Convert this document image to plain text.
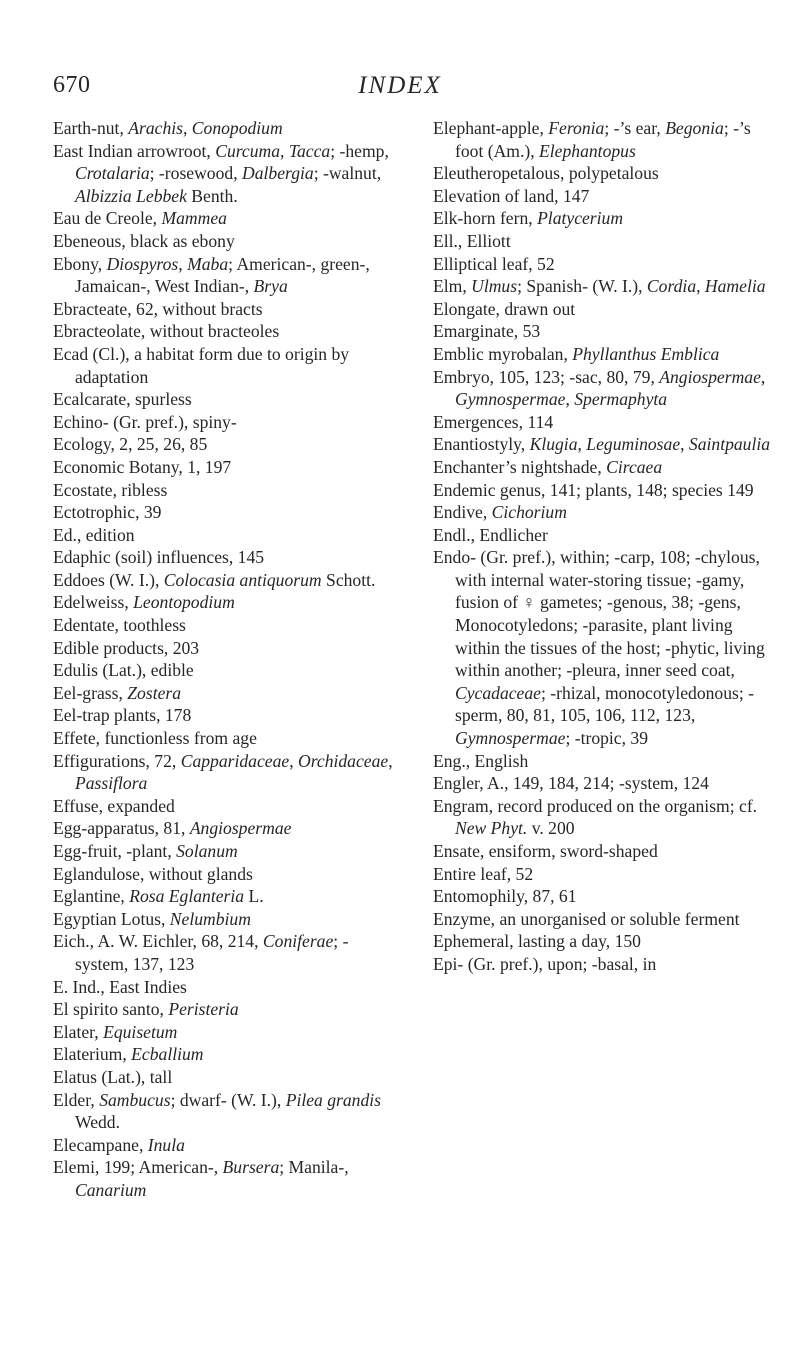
670	INDEX
Earth-nut, Arachis, Conopodium
East Indian arrowroot, Curcuma, Tacca; -hemp, Crotalaria; -rosewood, Dalbergia; -walnut, Albizzia Lebbek Benth.
Eau de Creole, Mammea
Ebeneous, black as ebony
Ebony, Diospyros, Maba; American-, green-, Jamaican-, West Indian-, Brya
Ebracteate, 62, without bracts
Ebracteolate, without bracteoles
Ecad (Cl.), a habitat form due to origin by adaptation
Ecalcarate, spurless
Echino- (Gr. pref.), spiny-
Ecology, 2, 25, 26, 85
Economic Botany, 1, 197
Ecostate, ribless
Ectotrophic, 39
Ed., edition
Edaphic (soil) influences, 145
Eddoes (W. I.), Colocasia antiquorum Schott.
Edelweiss, Leontopodium
Edentate, toothless
Edible products, 203
Edulis (Lat.), edible
Eel-grass, Zostera
Eel-trap plants, 178
Effete, functionless from age
Effigurations, 72, Capparidaceae, Orchidaceae, Passiflora
Effuse, expanded
Egg-apparatus, 81, Angiospermae
Egg-fruit, -plant, Solanum
Eglandulose, without glands
Eglantine, Rosa Eglanteria L.
Egyptian Lotus, Nelumbium
Eich., A. W. Eichler, 68, 214, Coniferae; -system, 137, 123
E. Ind., East Indies
El spirito santo, Peristeria
Elater, Equisetum
Elaterium, Ecballium
Elatus (Lat.), tall
Elder, Sambucus; dwarf- (W. I.), Pilea grandis Wedd.
Elecampane, Inula
Elemi, 199; American-, Bursera; Manila-, Canarium
Elephant-apple, Feronia; -’s ear, Begonia; -’s foot (Am.), Elephantopus
Eleutheropetalous, polypetalous
Elevation of land, 147
Elk-horn fern, Platycerium
Ell., Elliott
Elliptical leaf, 52
Elm, Ulmus; Spanish- (W. I.), Cordia, Hamelia
Elongate, drawn out
Emarginate, 53
Emblic myrobalan, Phyllanthus Emblica
Embryo, 105, 123; -sac, 80, 79, Angiospermae, Gymnospermae, Spermaphyta
Emergences, 114
Enantiostyly, Klugia, Leguminosae, Saintpaulia
Enchanter’s nightshade, Circaea
Endemic genus, 141; plants, 148; species 149
Endive, Cichorium
Endl., Endlicher
Endo- (Gr. pref.), within; -carp, 108; -chylous, with internal water-storing tissue; -gamy, fusion of ♀ gametes; -genous, 38; -gens, Monocotyledons; -parasite, plant living within the tissues of the host; -phytic, living within another; -pleura, inner seed coat, Cycadaceae; -rhizal, monocotyledonous; -sperm, 80, 81, 105, 106, 112, 123, Gymnospermae; -tropic, 39
Eng., English
Engler, A., 149, 184, 214; -system, 124
Engram, record produced on the organism; cf. New Phyt. v. 200
Ensate, ensiform, sword-shaped
Entire leaf, 52
Entomophily, 87, 61
Enzyme, an unorganised or soluble ferment
Ephemeral, lasting a day, 150
Epi- (Gr. pref.), upon; -basal, in
